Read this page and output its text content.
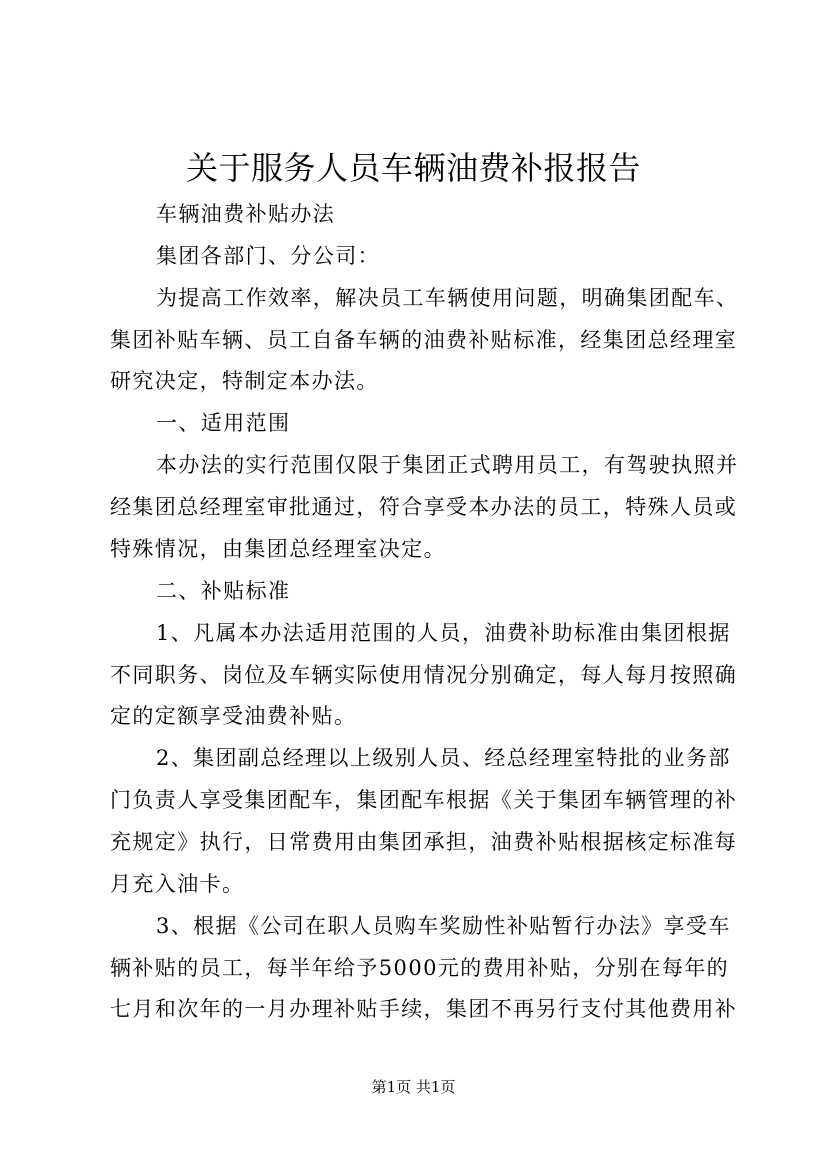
关于服务人员车辆油费补报报告
车辆油费补贴办法
集团各部门、分公司：
为提高工作效率，解决员工车辆使用问题，明确集团配车、
集团补贴车辆、员工自备车辆的油费补贴标准，经集团总经理室
研究决定，特制定本办法。
一、适用范围
本办法的实行范围仅限于集团正式聘用员工，有驾驶执照并
经集团总经理室审批通过，符合享受本办法的员工，特殊人员或
特殊情况，由集团总经理室决定。
二、补贴标准
1、凡属本办法适用范围的人员，油费补助标准由集团根据
不同职务、岗位及车辆实际使用情况分别确定，每人每月按照确
定的定额享受油费补贴。
2、集团副总经理以上级别人员、经总经理室特批的业务部
门负责人享受集团配车，集团配车根据《关于集团车辆管理的补
充规定》执行，日常费用由集团承担，油费补贴根据核定标准每
月充入油卡。
3、根据《公司在职人员购车奖励性补贴暂行办法》享受车
辆补贴的员工，每半年给予5000元的费用补贴，分别在每年的
七月和次年的一月办理补贴手续，集团不再另行支付其他费用补
第1页 共1页
